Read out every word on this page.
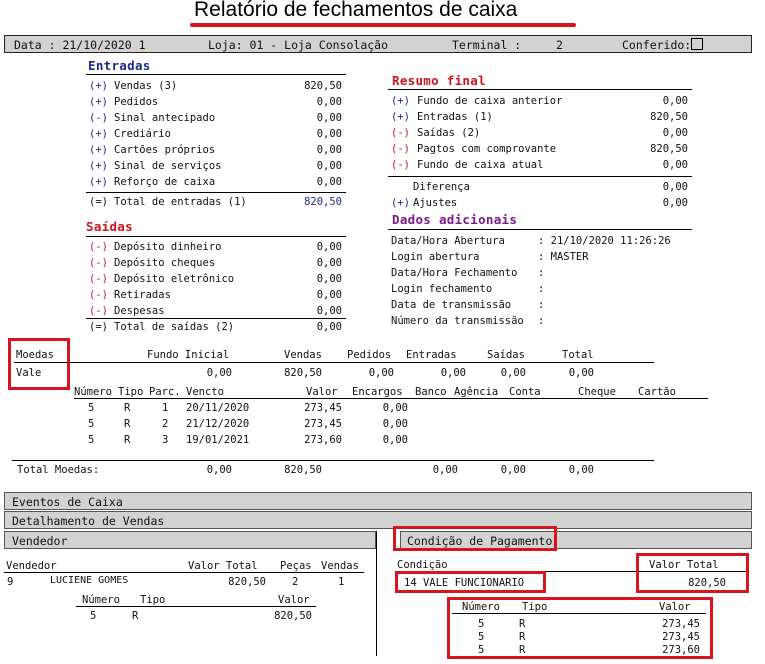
Relatório de fechamentos de caixa
Data : 21/10/2020 1	Loja: 01 - Loja Consolação	Terminal :	2	Conferido:
Entradas
(+) Vendas (3)	820,50
(+) Pedidos	0,00
(-) Sinal antecipado	0,00
(+) Crediário	0,00
(+) Cartões próprios	0,00
(+) Sinal de serviços	0,00
(+) Reforço de caixa	0,00
(=) Total de entradas (1)	820,50
Saídas
(-) Depósito dinheiro	0,00
(-) Depósito cheques	0,00
(-) Depósito eletrônico	0,00
(-) Retiradas	0,00
(-) Despesas	0,00
(=) Total de saídas (2)	0,00
Resumo final
(+) Fundo de caixa anterior	0,00
(+) Entradas (1)	820,50
(-) Saídas (2)	0,00
(-) Pagtos com comprovante	820,50
(-) Fundo de caixa atual	0,00
Diferença	0,00
(+) Ajustes	0,00
Dados adicionais
Data/Hora Abertura	: 21/10/2020 11:26:26
Login abertura	: MASTER
Data/Hora Fechamento :
Login fechamento	:
Data de transmissão	:
Número da transmissão :
Moedas	Fundo Inicial	Vendas Pedidos Entradas	Saídas	Total
Vale	0,00	820,50	0,00	0,00	0,00	0,00
Número Tipo Parc. Vencto	Valor Encargos Banco Agência Conta	Cheque Cartão
5	R	1 20/11/2020	273,45	0,00
5	R	2 21/12/2020	273,45	0,00
5	R	3 19/01/2021	273,60	0,00
Total Moedas:	0,00	820,50	0,00	0,00	0,00
Eventos de Caixa
Detalhamento de Vendas
Vendedor
Vendedor	Valor Total Peças Vendas
9	LUCIENE GOMES	820,50 2	1
Número Tipo	Valor
5	R	820,50
Condição de Pagamento
Condição
14 VALE FUNCIONARIO
Valor Total
820,50
Número Tipo	Valor
5	R	273,45
5	R	273,45
5	R	273,60
